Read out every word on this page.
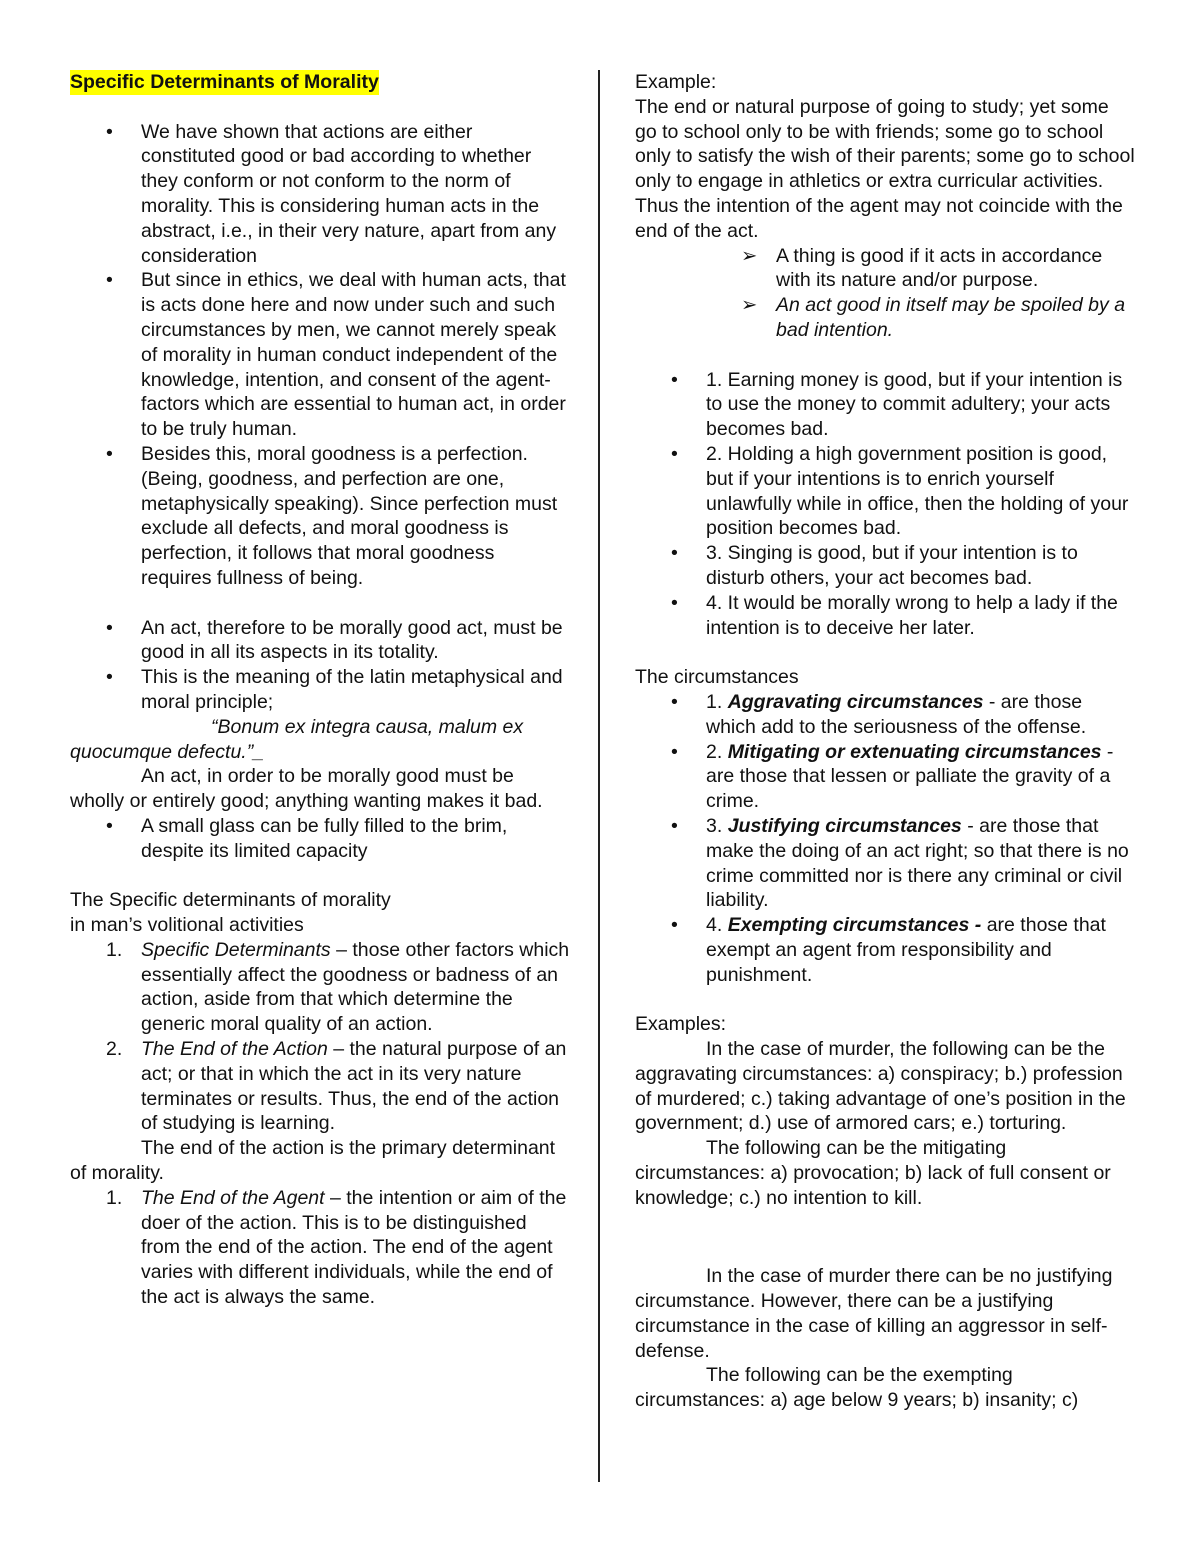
Specific Determinants of Morality

• We have shown that actions are either constituted good or bad according to whether they conform or not conform to the norm of morality. This is considering human acts in the abstract, i.e., in their very nature, apart from any consideration
• But since in ethics, we deal with human acts, that is acts done here and now under such and such circumstances by men, we cannot merely speak of morality in human conduct independent of the knowledge, intention, and consent of the agent- factors which are essential to human act, in order to be truly human.
• Besides this, moral goodness is a perfection. (Being, goodness, and perfection are one, metaphysically speaking). Since perfection must exclude all defects, and moral goodness is perfection, it follows that moral goodness requires fullness of being.
• An act, therefore to be morally good act, must be good in all its aspects in its totality.
• This is the meaning of the latin metaphysical and moral principle;

“Bonum ex integra causa, malum ex quocumque defectu.”_

An act, in order to be morally good must be wholly or entirely good; anything wanting makes it bad.

• A small glass can be fully filled to the brim, despite its limited capacity

The Specific determinants of morality

in man’s volitional activities

1. Specific Determinants – those other factors which essentially affect the goodness or badness of an action, aside from that which determine the generic moral quality of an action.
2. The End of the Action – the natural purpose of an act; or that in which the act in its very nature terminates or results. Thus, the end of the action of studying is learning.

The end of the action is the primary determinant of morality.

1. The End of the Agent – the intention or aim of the doer of the action. This is to be distinguished from the end of the action. The end of the agent varies with different individuals, while the end of the act is always the same.

Example:

The end or natural purpose of going to study; yet some go to school only to be with friends; some go to school only to satisfy the wish of their parents; some go to school only to engage in athletics or extra curricular activities. Thus the intention of the agent may not coincide with the end of the act.

➢ A thing is good if it acts in accordance with its nature and/or purpose.
➢ An act good in itself may be spoiled by a bad intention.
• 1. Earning money is good, but if your intention is to use the money to commit adultery; your acts becomes bad.
• 2. Holding a high government position is good, but if your intentions is to enrich yourself unlawfully while in office, then the holding of your position becomes bad.
• 3. Singing is good, but if your intention is to disturb others, your act becomes bad.
• 4. It would be morally wrong to help a lady if the intention is to deceive her later.

The circumstances

• 1. Aggravating circumstances - are those which add to the seriousness of the offense.
• 2. Mitigating or extenuating circumstances - are those that lessen or palliate the gravity of a crime.
• 3. Justifying circumstances - are those that make the doing of an act right; so that there is no crime committed nor is there any criminal or civil liability.
• 4. Exempting circumstances - are those that exempt an agent from responsibility and punishment.

Examples:

In the case of murder, the following can be the aggravating circumstances: a) conspiracy; b.) profession of murdered; c.) taking advantage of one’s position in the government; d.) use of armored cars; e.) torturing.

The following can be the mitigating circumstances: a) provocation; b) lack of full consent or knowledge; c.) no intention to kill.

In the case of murder there can be no justifying circumstance. However, there can be a justifying circumstance in the case of killing an aggressor in self-defense.

The following can be the exempting circumstances: a) age below 9 years; b) insanity; c)
